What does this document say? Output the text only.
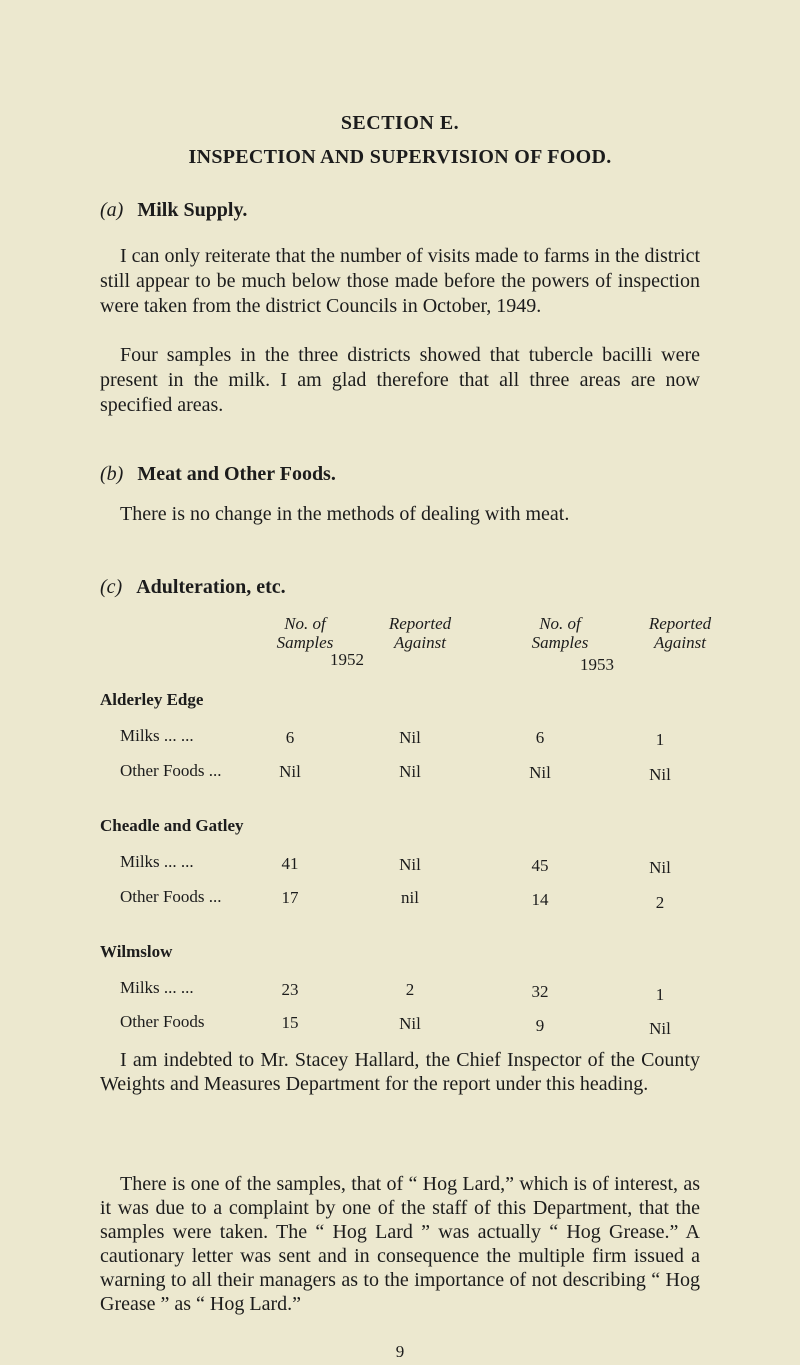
SECTION E.
INSPECTION AND SUPERVISION OF FOOD.
(a) Milk Supply.
I can only reiterate that the number of visits made to farms in the district still appear to be much below those made before the powers of inspection were taken from the district Councils in October, 1949.
Four samples in the three districts showed that tubercle bacilli were present in the milk. I am glad therefore that all three areas are now specified areas.
(b) Meat and Other Foods.
There is no change in the methods of dealing with meat.
(c) Adulteration, etc.
No. of
Samples
Reported
Against
No. of
Samples
Reported
Against
1952	1953
Alderley Edge
Milks ... ...	6	Nil	6	1
Other Foods ...	Nil	Nil	Nil	Nil
Cheadle and Gatley
Milks ... ...	41	Nil	45	Nil
Other Foods ...	17	nil	14	2
Wilmslow
Milks ... ...	23	2	32	1
Other Foods	15	Nil	9	Nil
I am indebted to Mr. Stacey Hallard, the Chief Inspector of the County Weights and Measures Department for the report under this heading.
There is one of the samples, that of “ Hog Lard,” which is of interest, as it was due to a complaint by one of the staff of this Department, that the samples were taken. The “ Hog Lard ” was actually “ Hog Grease.” A cautionary letter was sent and in consequence the multiple firm issued a warning to all their managers as to the importance of not describing “ Hog Grease ” as “ Hog Lard.”
9
